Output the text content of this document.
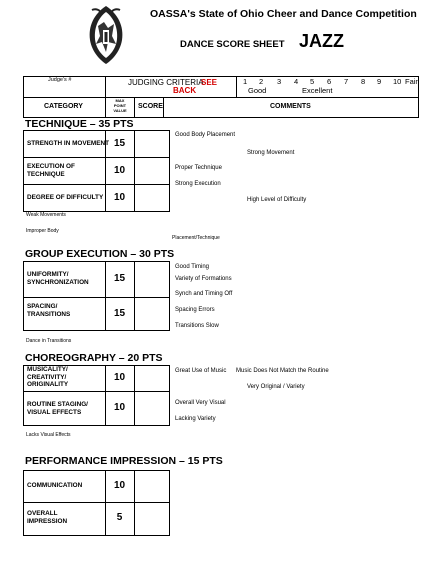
OASSA's State of Ohio Cheer and Dance Competition
DANCE SCORE SHEET JAZZ
Judge's #	JUDGING CRITERIA
SEE
BACK
1 2 3 4 5 6 7 8 9 10 Fair
Good	Excellent
CATEGORY
MAX
POINT
VALUE
SCORE	COMMENTS
TECHNIQUE – 35 PTS
STRENGTH IN MOVEMENT 15
EXECUTION OF
TECHNIQUE	10
DEGREE OF DIFFICULTY	10
Good Body Placement
Strong Movement
Proper Technique
Strong Execution
High Level of Difficulty
Weak Movements
Improper Body
Placement/Technique
GROUP EXECUTION – 30 PTS
UNIFORMITY/
SYNCHRONIZATION	15
SPACING/
TRANSITIONS	15
Good Timing
Variety of Formations
Synch and Timing Off
Spacing Errors
Transitions Slow
Dance in Transitions
CHOREOGRAPHY – 20 PTS
MUSICALITY/
CREATIVITY/
ORIGINALITY
10
ROUTINE STAGING/
VISUAL EFFECTS	10
Great Use of Music Music Does Not Match the Routine
Very Original / Variety
Overall Very Visual
Lacking Variety
Lacks Visual Effects
PERFORMANCE IMPRESSION – 15 PTS
COMMUNICATION	10
OVERALL
IMPRESSION	5
